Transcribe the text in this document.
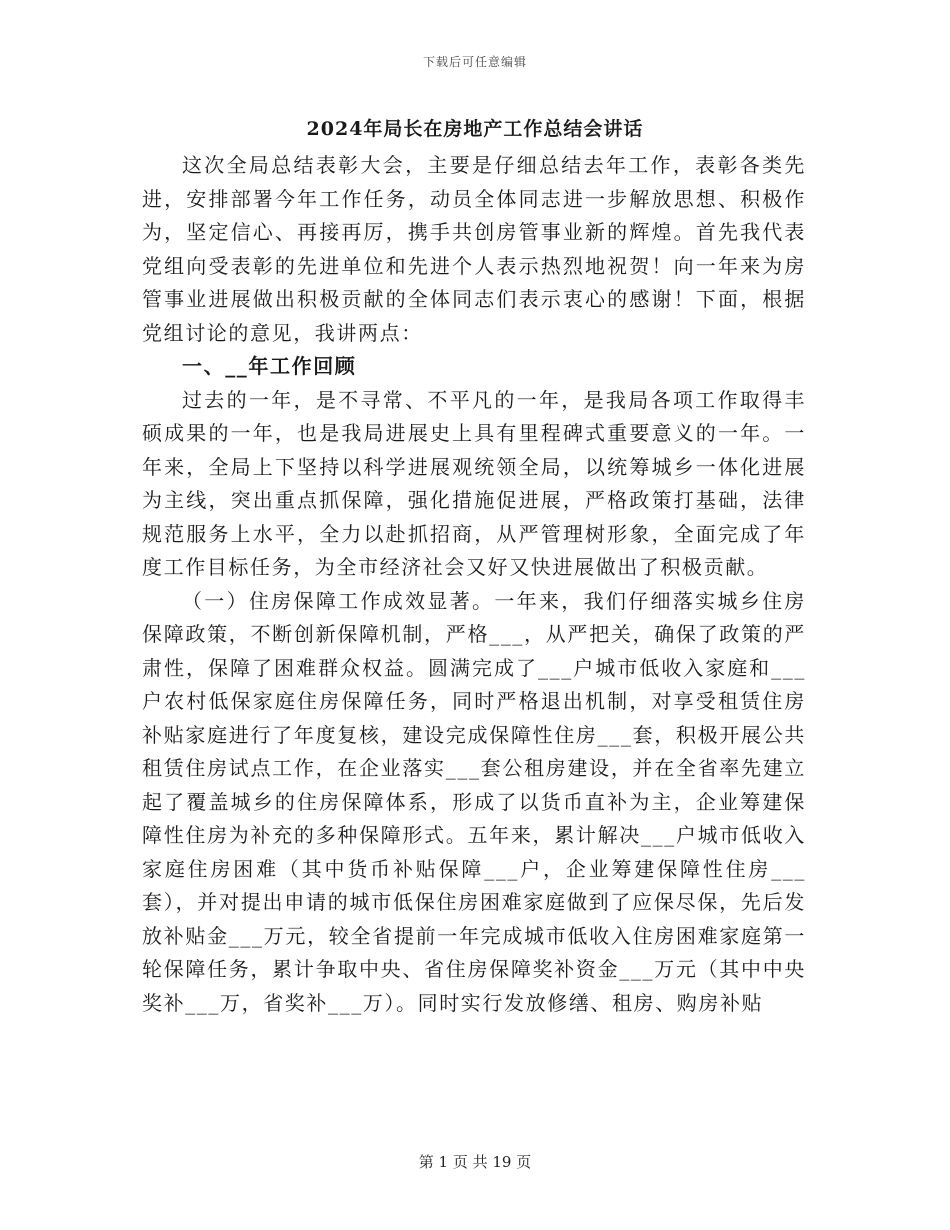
下载后可任意编辑
2024年局长在房地产工作总结会讲话

这次全局总结表彰大会，主要是仔细总结去年工作，表彰各类先进，安排部署今年工作任务，动员全体同志进一步解放思想、积极作为，坚定信心、再接再厉，携手共创房管事业新的辉煌。首先我代表党组向受表彰的先进单位和先进个人表示热烈地祝贺！向一年来为房管事业进展做出积极贡献的全体同志们表示衷心的感谢！下面，根据党组讨论的意见，我讲两点：

一、__年工作回顾

过去的一年，是不寻常、不平凡的一年，是我局各项工作取得丰硕成果的一年，也是我局进展史上具有里程碑式重要意义的一年。一年来，全局上下坚持以科学进展观统领全局，以统筹城乡一体化进展为主线，突出重点抓保障，强化措施促进展，严格政策打基础，法律规范服务上水平，全力以赴抓招商，从严管理树形象，全面完成了年度工作目标任务，为全市经济社会又好又快进展做出了积极贡献。

（一）住房保障工作成效显著。一年来，我们仔细落实城乡住房保障政策，不断创新保障机制，严格___，从严把关，确保了政策的严肃性，保障了困难群众权益。圆满完成了___户城市低收入家庭和___户农村低保家庭住房保障任务，同时严格退出机制，对享受租赁住房补贴家庭进行了年度复核，建设完成保障性住房___套，积极开展公共租赁住房试点工作，在企业落实___套公租房建设，并在全省率先建立起了覆盖城乡的住房保障体系，形成了以货币直补为主，企业筹建保障性住房为补充的多种保障形式。五年来，累计解决___户城市低收入家庭住房困难（其中货币补贴保障___户，企业筹建保障性住房___套），并对提出申请的城市低保住房困难家庭做到了应保尽保，先后发放补贴金___万元，较全省提前一年完成城市低收入住房困难家庭第一轮保障任务，累计争取中央、省住房保障奖补资金___万元（其中中央奖补___万，省奖补___万）。同时实行发放修缮、租房、购房补贴

第 1 页 共 19 页
